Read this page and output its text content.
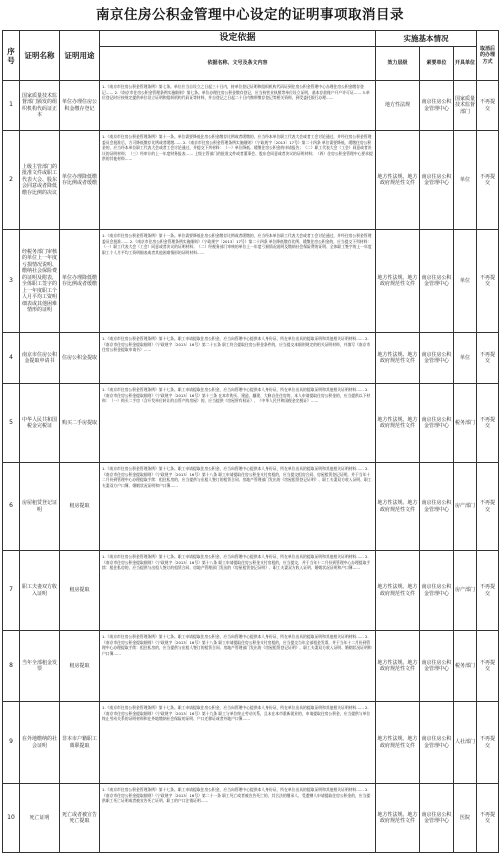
南京住房公积金管理中心设定的证明事项取消目录
序号	证明名称	证明用途	设定依据	实施基本情况			取消后的办理方式
			依据名称、文号及条文内容	效力层级	索要单位	开具单位	
1	国家质量技术监督部门颁发的组织机构代码证正本	单位办理住房公积金缴存登记	1.《南京市住房公积金管理条例》第七条。单位应当自设立之日起三十日内，持单位登记证明和组织机构代码证到住房公积金管理中心办理住房公积金缴存登记…… 2.《南京市住房公积金管理条例实施细则》第七条。单位办理住房公积金缴存登记，应当持营业执照等单位设立证明，基本存款账户开户许可证…… 3.单位登记时应按规定提供单位设立证明和组织机构代码证等材料，并自登记之日起二十日内携带缴存登记等相关资料，到受委托银行办理……	地方性法规	南京住房公积金管理中心	国家质量技术监督部门	不再提交
2	上级主管部门的批准文件或职工代表大会、股东会同意或者降低缴存比例的决议	单位办理降低缴存比例或者缓缴	1.《南京市住房公积金管理条例》第十一条。单位需要降低住房公积金缴存比例或者缓缴的，应当经本单位职工代表大会或者工会讨论通过，并经住房公积金管理委员会批准后，方可降低缴存比例或者缓缴…… 2.《南京市住房公积金管理条例实施细则》（宁政规字〔2013〕17号）第二十四条 单位需要降低、缓缴住房公积金的，应当经本单位职工代表大会或者工会讨论通过，并提交下列材料：（一）单位降低、缓缴住房公积金的申请报告；（二）职工代表大会（工会）同意或者决议的证明材料；（三）经审计的上一年度财务报表…… 上级主管部门的批准文件或者董事会、股东会同意或者决议的证明材料；（四）住房公积金管理中心要求提供的其他材料……	地方性法规、地方政府规范性文件	南京住房公积金管理中心	单位	不再提交
3	经税务部门审核的单位上一年度亏损情况说明、缴纳社会保险费的证明及附表，全体职工签字的上一年度职工个人月平均工资明细表或其他困难情形的证明	单位办理降低缴存比例或者缓缴	1.《南京市住房公积金管理条例》第十一条。单位需要降低住房公积金缴存比例或者缓缴的，应当经本单位职工代表大会或者工会讨论通过，并经住房公积金管理委员会批准…… 2.《南京市住房公积金管理条例实施细则》（宁政规字〔2013〕17号）第二十四条 单位降低缴存比例、缓缴住房公积金的，应当提交下列材料：（一）职工代表大会（工会）同意或者决议的证明材料；（二）经税务部门审核的单位上一年度亏损情况说明及缴纳社会保险费的证明、全体职工签字的上一年度职工个人月平均工资明细表或者其他困难情形的证明材料……	地方性法规、地方政府规范性文件	南京住房公积金管理中心	单位	不再提交
4	南京市住房公积金提取申请书	住房公积金提取	1.《南京市住房公积金管理条例》第十七条。职工申请提取住房公积金，应当向管理中心提供本人身份证，所在单位出具的提取证明和其他相关证明材料…… 2.《南京市住房公积金提取细则》（宁政规字〔2013〕16号）第二十五条 职工符合提取住房公积金条件的，应当提交本细则规定的相关证明材料，并填写《南京市住房公积金提取申请书》……	地方性法规、地方政府规范性文件	南京住房公积金管理中心	单位	不再提交
5	中华人民共和国税金完税证	购买二手房提取	1.《南京市住房公积金管理条例》第十七条。职工申请提取住房公积金，应当向管理中心提供本人身份证，所在单位出具的提取证明和其他相关证明材料…… 2.《南京市住房公积金提取细则》（宁政规字〔2013〕16号）第十三条 在本市购买、建造、翻建、大修自住住房的，本人申请提取住房公积金的，应当提供以下材料：（一）购买二手房（含开发单位转让的自管产的房屋）的，应当提供《房屋所有权证》、《中华人民共和国税金完税证》……	地方性法规、地方政府规范性文件	南京住房公积金管理中心	税务部门	不再提交
6	房屋租赁登记证明	租房提取	1.《南京市住房公积金管理条例》第十七条。职工申请提取住房公积金，应当向管理中心提供本人身份证，所在单位出具的提取证明和其他相关证明材料…… 2.《南京市住房公积金提取细则》（宁政规字〔2013〕16号）第十八条 职工申请提取住房公积金支付房租的，应当提交租房合同、房屋租赁登记证明，并于当年十二月份到管理中心办理提取手续：租住私房的，应当提供与出租人签订的租赁合同、房地产管理部门发出的《房屋租赁登记证明》、职工夫妻双方收入证明、职工夫妻双方户口簿、婚姻状况证明和户口簿……	地方性法规、地方政府规范性文件	南京住房公积金管理中心	房产部门	不再提交
7	职工夫妻双方收入证明	租房提取	1.《南京市住房公积金管理条例》第十七条。职工申请提取住房公积金，应当向管理中心提供本人身份证，所在单位出具的提取证明和其他相关证明材料…… 2.《南京市住房公积金提取细则》（宁政规字〔2013〕16号）第十八条 职工申请提取住房公积金支付房租的，应当提交，并于当年十二月份到管理中心办理提取手续：租住私房的，应当提供与出租人签订的租赁合同、房地产管理部门发出的《房屋租赁登记证明》、职工夫妻双方收入证明、婚姻状况证明和户口簿……	地方性法规、地方政府规范性文件	南京住房公积金管理中心	房产部门	不再提交
8	当年全部租金发票	租房提取	1.《南京市住房公积金管理条例》第十七条。职工申请提取住房公积金，应当向管理中心提供本人身份证，所在单位出具的提取证明和其他相关证明材料…… 2.《南京市住房公积金提取细则》（宁政规字〔2013〕16号）第十八条 职工申请提取住房公积金支付房租的，应当提交当年全部租金发票，并于当年十二月份到管理中心办理提取手续：租住私房的，应当提供与出租人签订的租赁合同、房地产管理部门发出的《房屋租赁登记证明》、职工夫妻双方收入证明、婚姻状况证明和户口簿……	地方性法规、地方政府规范性文件	南京住房公积金管理中心	税务部门	不再提交
9	在外地缴纳的社会证明	非本市户籍职工离职提取	1.《南京市住房公积金管理条例》第十七条。职工申请提取住房公积金，应当向管理中心提供本人身份证，所在单位出具的提取证明和其他相关证明材料…… 2.《南京市住房公积金提取细则》（宁政规字〔2013〕16号）第十九条 职工与单位终止劳动关系，且未在本市重新就业的，申请提取住房公积金，应当提供与单位终止劳动关系的证明材料和在外地缴纳社会保险的证明、户口迁移证或者外地户口簿……	地方性法规、地方政府规范性文件	南京住房公积金管理中心	人社部门	不再提交
10	死亡证明	死亡或者被宣告死亡提取	1.《南京市住房公积金管理条例》第十七条。职工申请提取住房公积金，应当向管理中心提供本人身份证，所在单位出具的提取证明和其他相关证明材料…… 2.《南京市住房公积金提取细则》（宁政规字〔2013〕16号）第二十一条 职工死亡或者被宣告死亡的，其合法的继承人、受遗赠人申请提取住房公积金的，应当提供职工死亡证明或者被宣告死亡证明、职工的户口注销证明……	地方性法规、地方政府规范性文件	南京住房公积金管理中心	医院	不再提交
